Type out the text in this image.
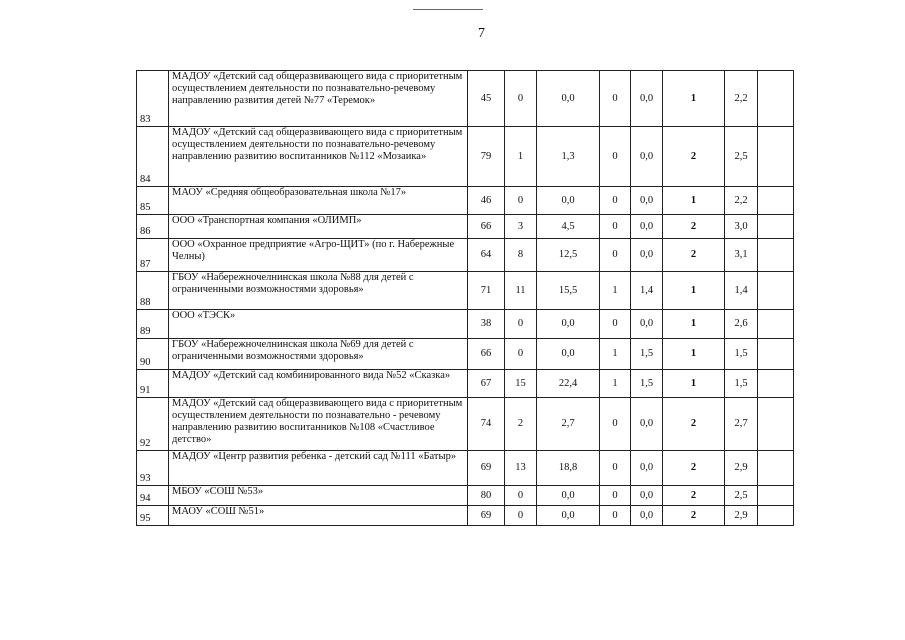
7
83	МАДОУ «Детский сад общеразвивающего вида с приоритетным осуществлением деятельности по познавательно-речевому направлению развития детей №77 «Теремок»	45	0	0,0	0	0,0	1	2,2	
84	МАДОУ «Детский сад общеразвивающего вида с приоритетным осуществлением деятельности по познавательно-речевому направлению развитию воспитанников №112 «Мозаика»	79	1	1,3	0	0,0	2	2,5	
85	МАОУ «Средняя общеобразовательная школа №17»	46	0	0,0	0	0,0	1	2,2	
86	ООО «Транспортная компания «ОЛИМП»	66	3	4,5	0	0,0	2	3,0	
87	ООО «Охранное предприятие «Агро-ЩИТ» (по г. Набережные Челны)	64	8	12,5	0	0,0	2	3,1	
88	ГБОУ «Набережночелнинская школа №88 для детей с ограниченными возможностями здоровья»	71	11	15,5	1	1,4	1	1,4	
89	ООО «ТЭСК»	38	0	0,0	0	0,0	1	2,6	
90	ГБОУ «Набережночелнинская школа №69 для детей с ограниченными возможностями здоровья»	66	0	0,0	1	1,5	1	1,5	
91	МАДОУ «Детский сад комбинированного вида №52 «Сказка»	67	15	22,4	1	1,5	1	1,5	
92	МАДОУ «Детский сад общеразвивающего вида с приоритетным осуществлением деятельности по познавательно - речевому направлению развитию воспитанников №108 «Счастливое детство»	74	2	2,7	0	0,0	2	2,7	
93	МАДОУ «Центр развития ребенка - детский сад №111 «Батыр»	69	13	18,8	0	0,0	2	2,9	
94	МБОУ «СОШ №53»	80	0	0,0	0	0,0	2	2,5	
95	МАОУ «СОШ №51»	69	0	0,0	0	0,0	2	2,9	
